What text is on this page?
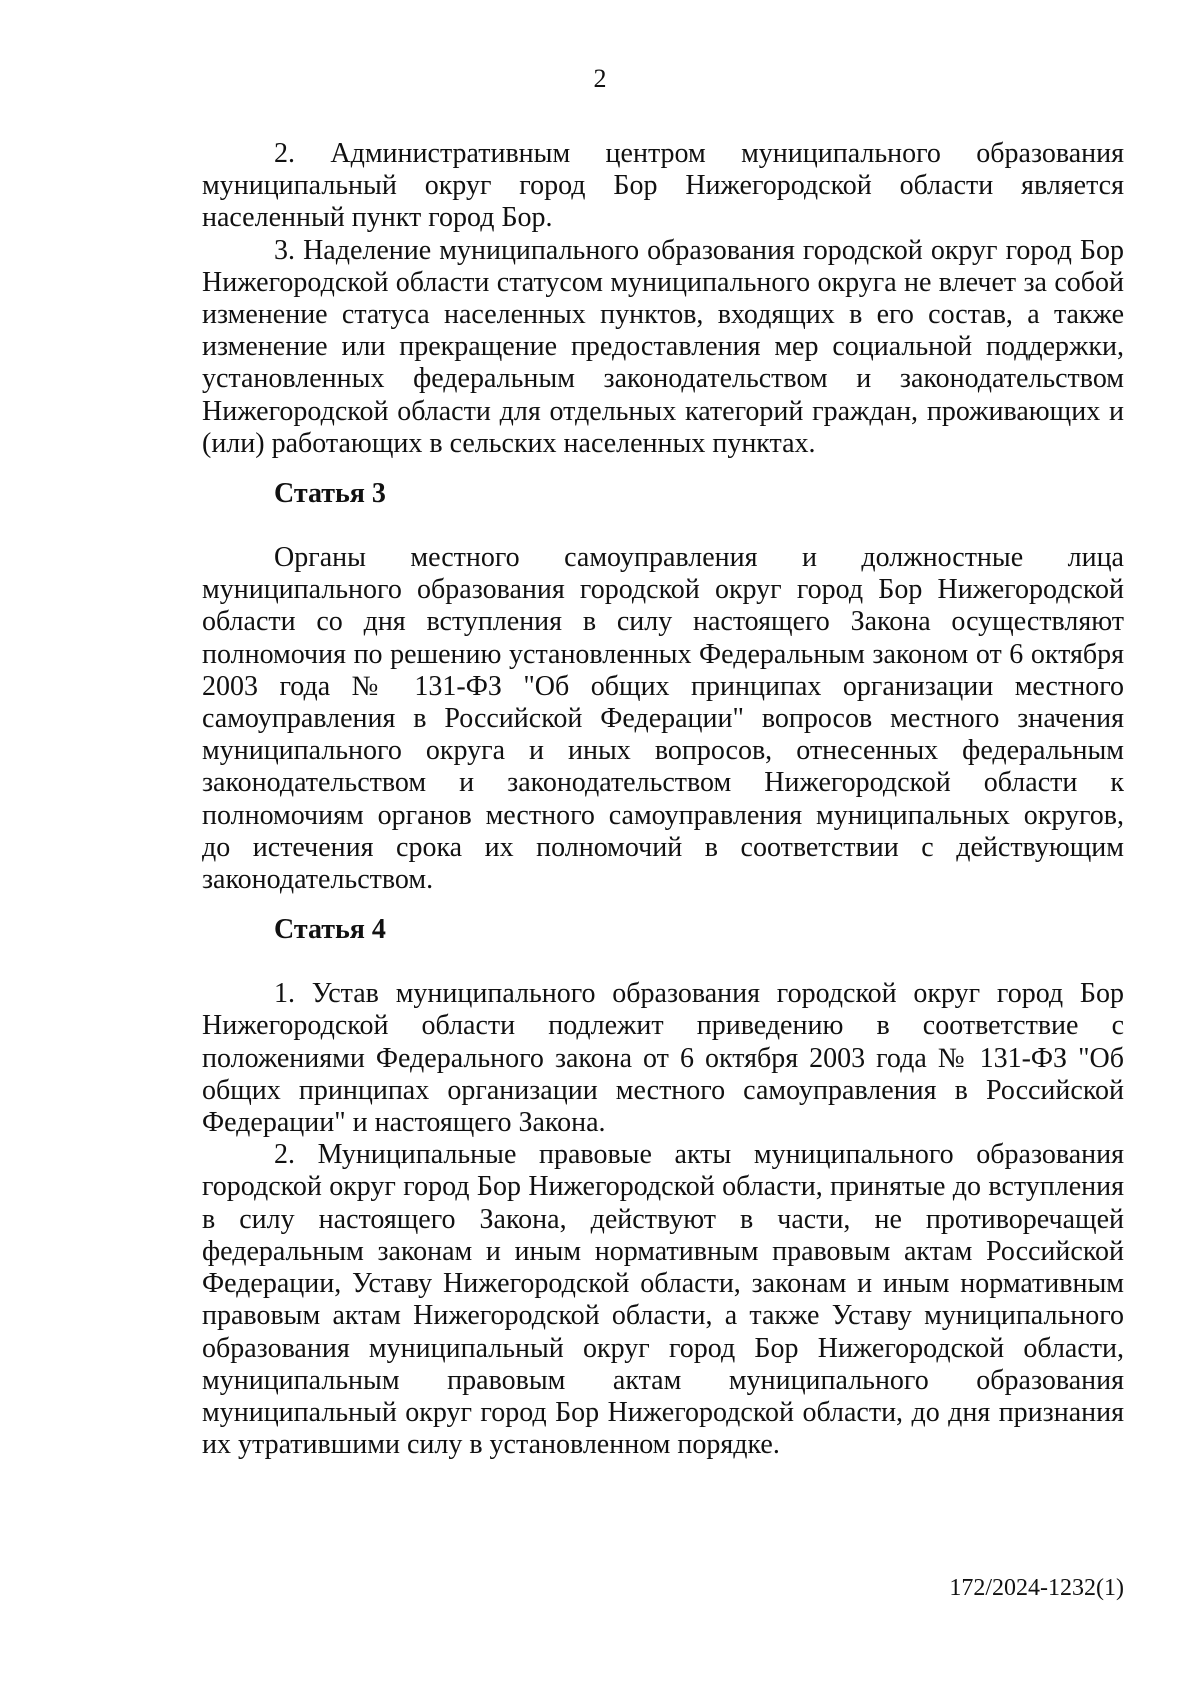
2

2. Административным центром муниципального образования муниципальный округ город Бор Нижегородской области является населенный пункт город Бор.

3. Наделение муниципального образования городской округ город Бор Нижегородской области статусом муниципального округа не влечет за собой изменение статуса населенных пунктов, входящих в его состав, а также изменение или прекращение предоставления мер социальной поддержки, установленных федеральным законодательством и законодательством Нижегородской области для отдельных категорий граждан, проживающих и (или) работающих в сельских населенных пунктах.

Статья 3

Органы местного самоуправления и должностные лица муниципального образования городской округ город Бор Нижегородской области со дня вступления в силу настоящего Закона осуществляют полномочия по решению установленных Федеральным законом от 6 октября 2003 года № 131-ФЗ "Об общих принципах организации местного самоуправления в Российской Федерации" вопросов местного значения муниципального округа и иных вопросов, отнесенных федеральным законодательством и законодательством Нижегородской области к полномочиям органов местного самоуправления муниципальных округов, до истечения срока их полномочий в соответствии с действующим законодательством.

Статья 4

1. Устав муниципального образования городской округ город Бор Нижегородской области подлежит приведению в соответствие с положениями Федерального закона от 6 октября 2003 года № 131-ФЗ "Об общих принципах организации местного самоуправления в Российской Федерации" и настоящего Закона.

2. Муниципальные правовые акты муниципального образования городской округ город Бор Нижегородской области, принятые до вступления в силу настоящего Закона, действуют в части, не противоречащей федеральным законам и иным нормативным правовым актам Российской Федерации, Уставу Нижегородской области, законам и иным нормативным правовым актам Нижегородской области, а также Уставу муниципального образования муниципальный округ город Бор Нижегородской области, муниципальным правовым актам муниципального образования муниципальный округ город Бор Нижегородской области, до дня признания их утратившими силу в установленном порядке.

172/2024-1232(1)
